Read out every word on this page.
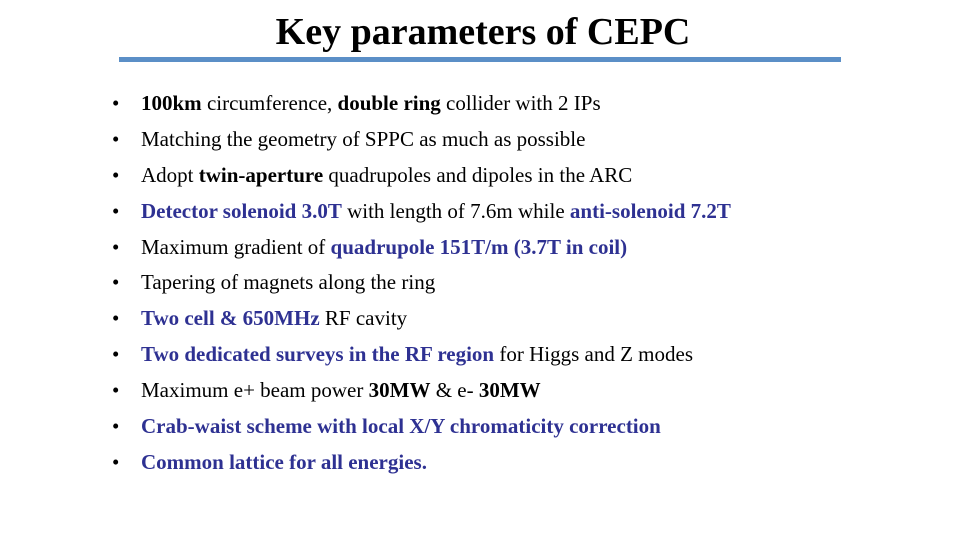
Key parameters of CEPC
• 100km circumference, double ring collider with 2 IPs
• Matching the geometry of SPPC as much as possible
• Adopt twin-aperture quadrupoles and dipoles in the ARC
• Detector solenoid 3.0T with length of 7.6m while anti-solenoid 7.2T
• Maximum gradient of quadrupole 151T/m (3.7T in coil)
• Tapering of magnets along the ring
• Two cell & 650MHz RF cavity
• Two dedicated surveys in the RF region for Higgs and Z modes
• Maximum e+ beam power 30MW & e- 30MW
• Crab-waist scheme with local X/Y chromaticity correction
• Common lattice for all energies.
